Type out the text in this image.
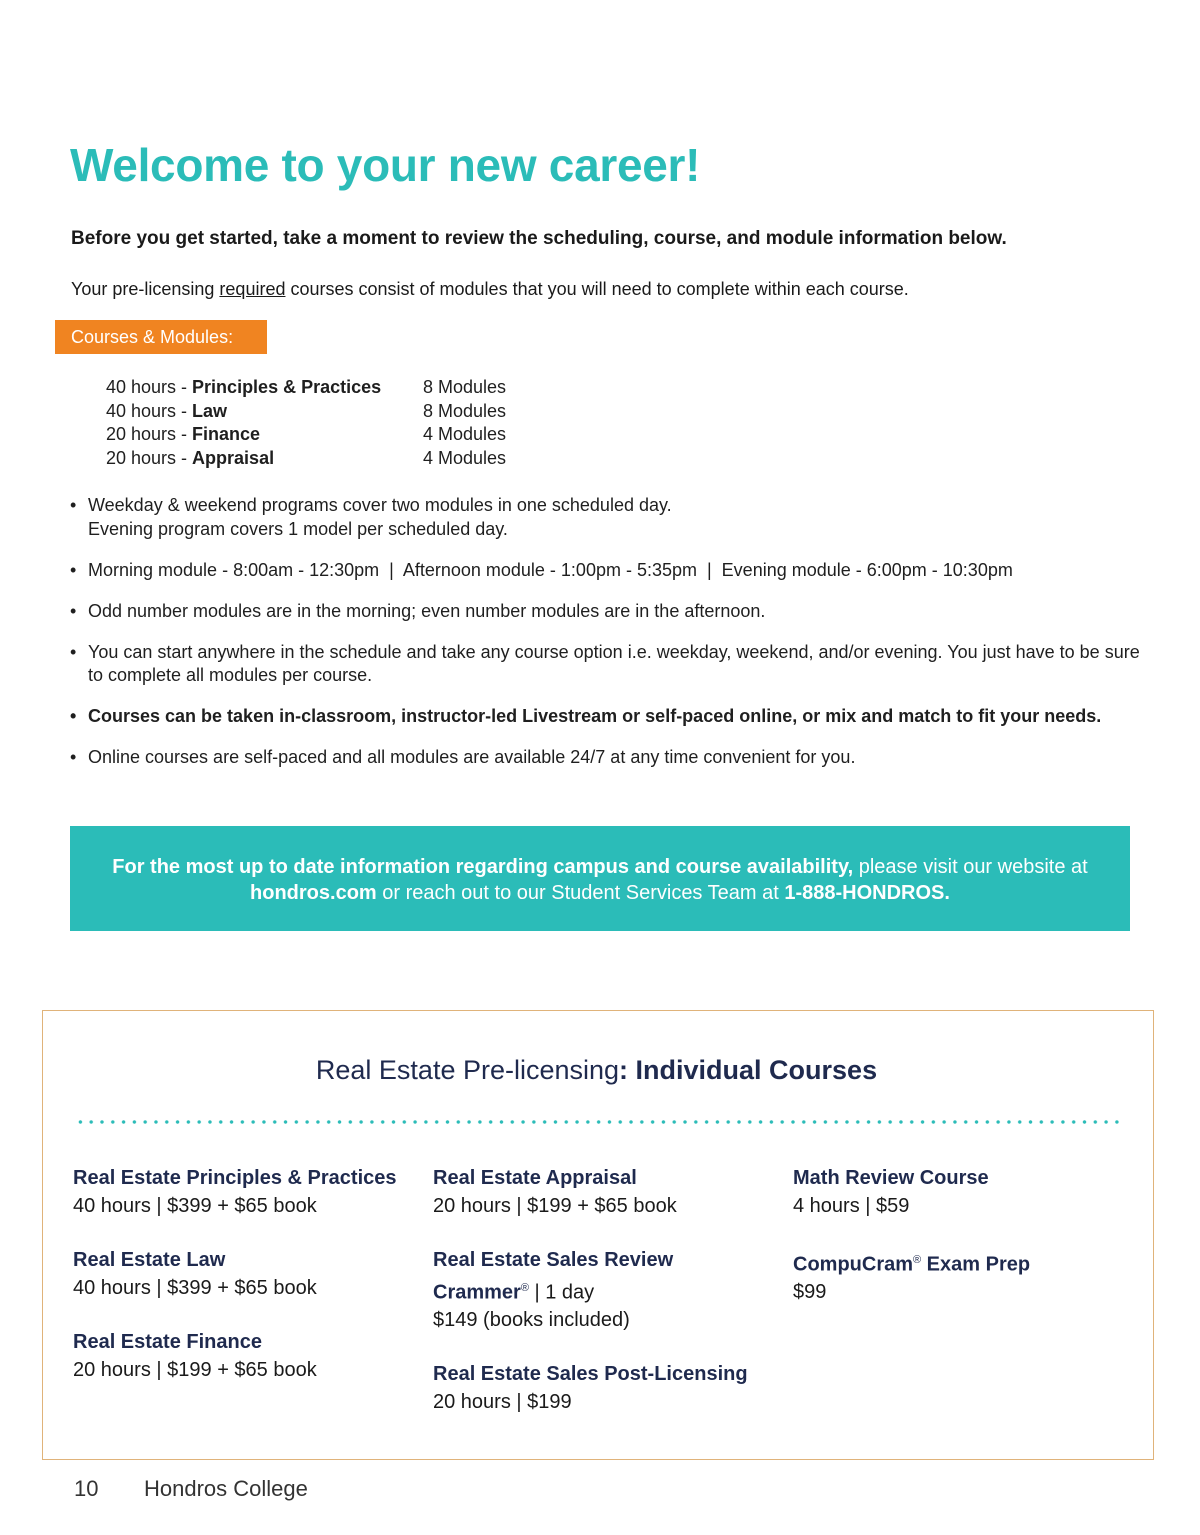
Welcome to your new career!

Before you get started, take a moment to review the scheduling, course, and module information below.

Your pre-licensing required courses consist of modules that you will need to complete within each course.

Courses & Modules:
40 hours - Principles & Practices 8 Modules
40 hours - Law	8 Modules
20 hours - Finance	4 Modules
20 hours - Appraisal	4 Modules
• Weekday & weekend programs cover two modules in one scheduled day.
Evening program covers 1 model per scheduled day.
• Morning module - 8:00am - 12:30pm  |  Afternoon module - 1:00pm - 5:35pm  |  Evening module - 6:00pm - 10:30pm
• Odd number modules are in the morning; even number modules are in the afternoon.
• You can start anywhere in the schedule and take any course option i.e. weekday, weekend, and/or evening. You just have to be sure to complete all modules per course.
• Courses can be taken in-classroom, instructor-led Livestream or self-paced online, or mix and match to fit your needs.
• Online courses are self-paced and all modules are available 24/7 at any time convenient for you.
For the most up to date information regarding campus and course availability, please visit our website at hondros.com or reach out to our Student Services Team at 1-888-HONDROS.
Real Estate Pre-licensing: Individual Courses
Real Estate Principles & Practices
40 hours | $399 + $65 book
Real Estate Law
40 hours | $399 + $65 book
Real Estate Finance
20 hours | $199 + $65 book
Real Estate Appraisal
20 hours | $199 + $65 book
Real Estate Sales Review
Crammer® | 1 day
$149 (books included)
Real Estate Sales Post-Licensing
20 hours | $199
Math Review Course
4 hours | $59
CompuCram® Exam Prep
$99
10 Hondros College
